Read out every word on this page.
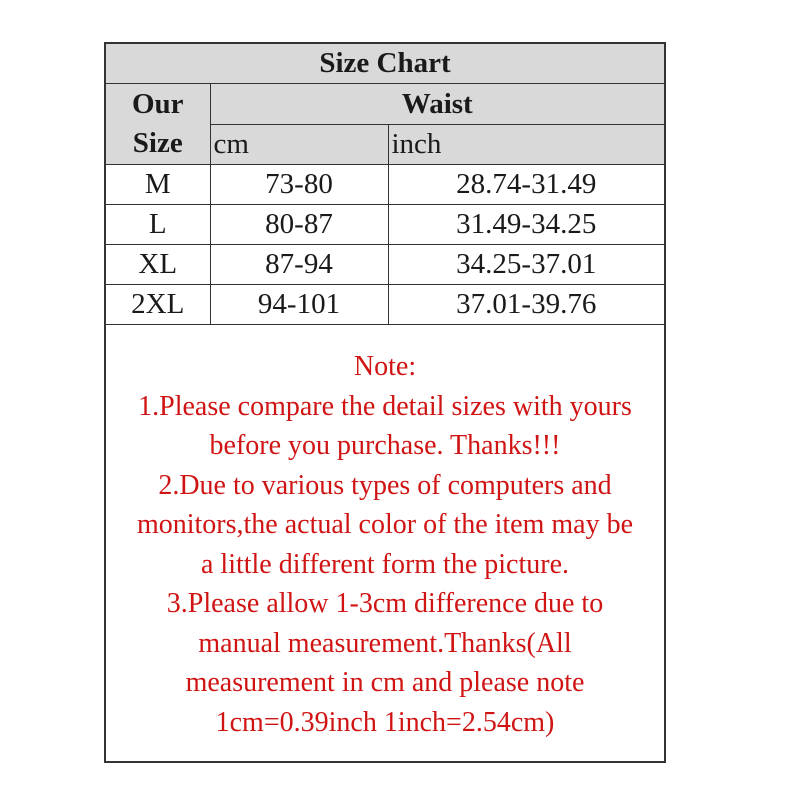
Size Chart		
Our
Size	Waist	
	cm	inch
M	73-80	28.74-31.49
L	80-87	31.49-34.25
XL	87-94	34.25-37.01
2XL	94-101	37.01-39.76
Note:
1.Please compare the detail sizes with yours
before you purchase. Thanks!!!
2.Due to various types of computers and
monitors,the actual color of the item may be
a little different form the picture.
3.Please allow 1-3cm difference due to
manual measurement.Thanks(All
measurement in cm and please note
1cm=0.39inch 1inch=2.54cm)
